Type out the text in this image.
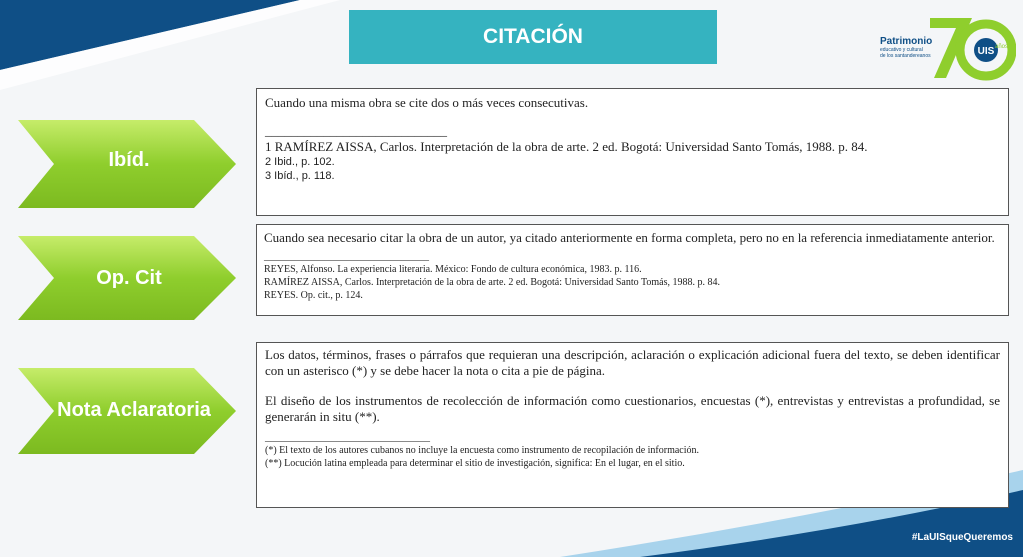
CITACIÓN
UIS
Patrimonio
educativo y cultural
de los santandereanos
años
Ibíd.
Op. Cit
Nota Aclaratoria

Cuando una misma obra se cite dos o más veces consecutivas.

____________________________

1 RAMÍREZ AISSA, Carlos. Interpretación de la obra de arte. 2 ed. Bogotá: Universidad Santo Tomás, 1988. p. 84.

2 Ibid., p. 102.

3 Ibíd., p. 118.

Cuando sea necesario citar la obra de un autor, ya citado anteriormente en forma completa, pero no en la referencia inmediatamente anterior.

______________________________

REYES, Alfonso. La experiencia literaria. México: Fondo de cultura económica, 1983. p. 116.

RAMÍREZ AISSA, Carlos. Interpretación de la obra de arte. 2 ed. Bogotá: Universidad Santo Tomás, 1988. p. 84.

REYES. Op. cit., p. 124.

Los datos, términos, frases o párrafos que requieran una descripción, aclaración o explicación adicional fuera del texto, se deben identificar con un asterisco (*) y se debe hacer la nota o cita a pie de página.

El diseño de los instrumentos de recolección de información como cuestionarios, encuestas (*), entrevistas y entrevistas a profundidad, se generarán in situ (**).

______________________________

(*) El texto de los autores cubanos no incluye la encuesta como instrumento de recopilación de información.

(**) Locución latina empleada para determinar el sitio de investigación, significa: En el lugar, en el sitio.

#LaUISqueQueremos
